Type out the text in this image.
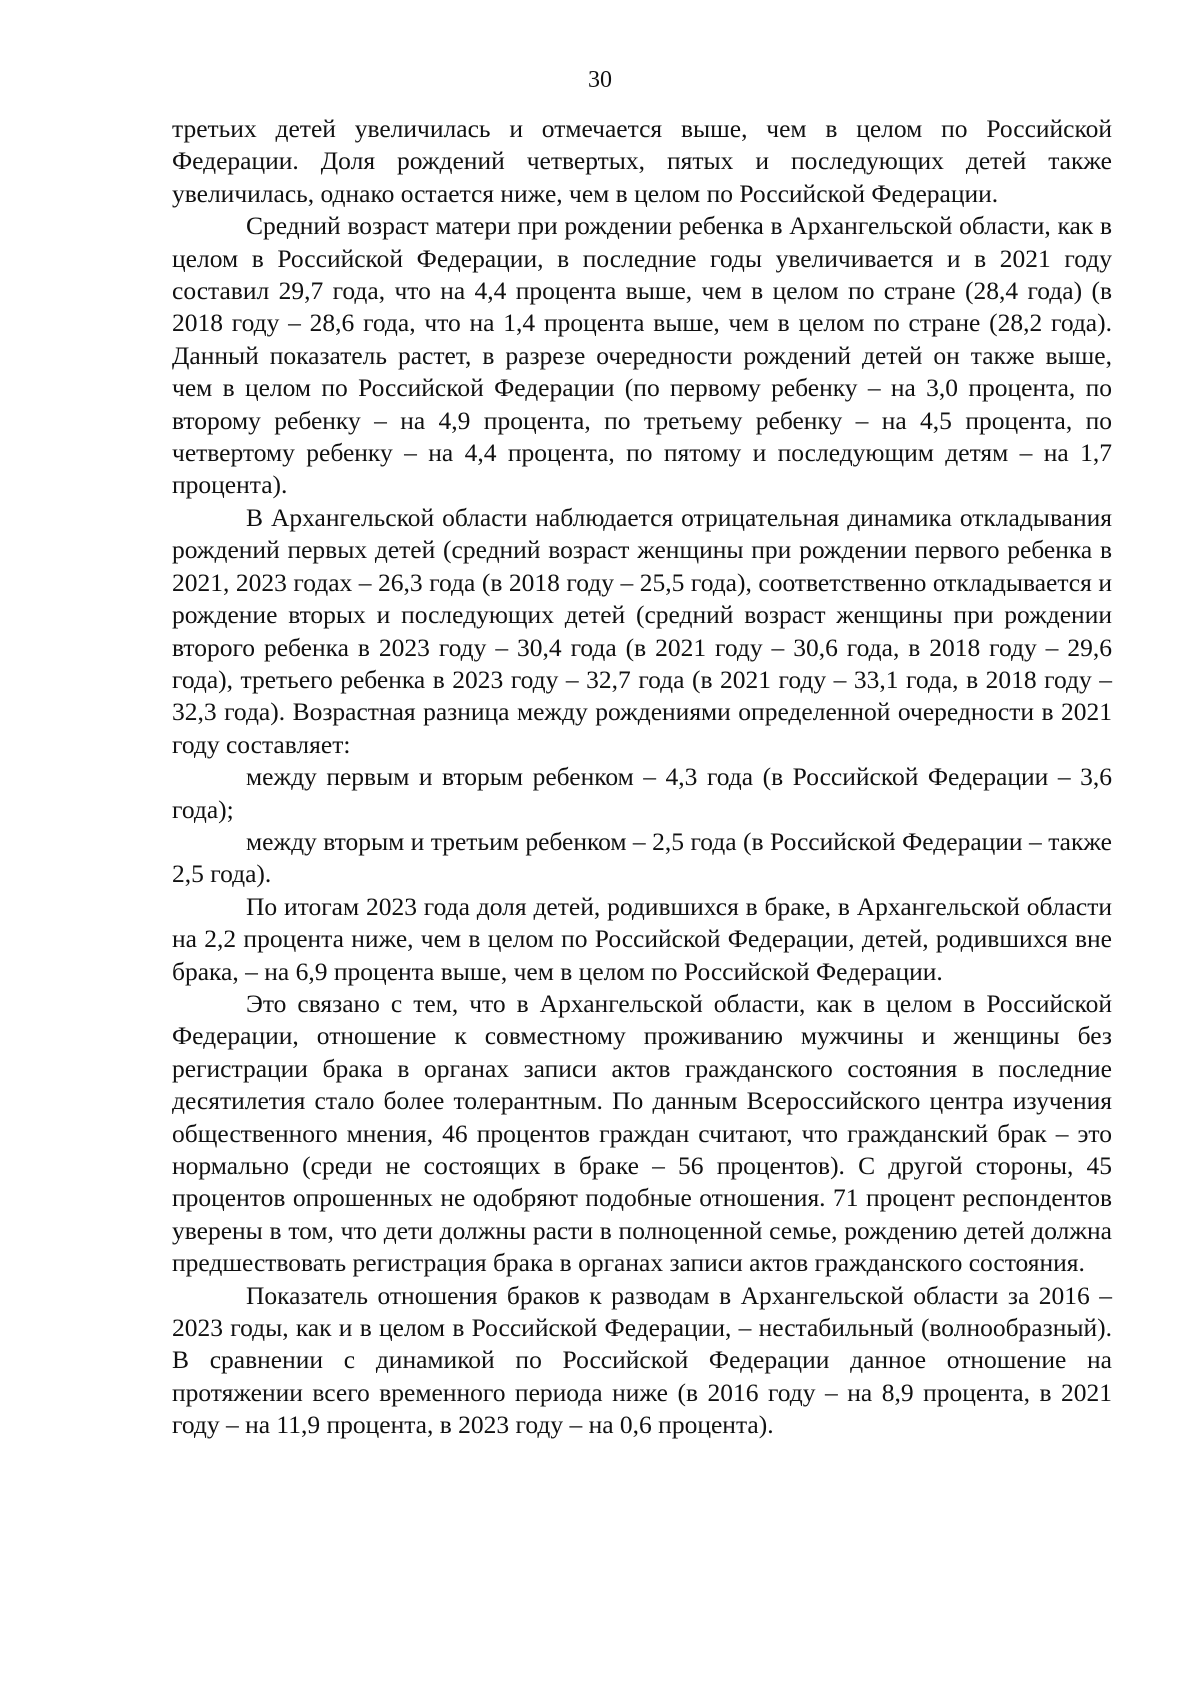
30

третьих детей увеличилась и отмечается выше, чем в целом по Российской Федерации. Доля рождений четвертых, пятых и последующих детей также увеличилась, однако остается ниже, чем в целом по Российской Федерации.

Средний возраст матери при рождении ребенка в Архангельской области, как в целом в Российской Федерации, в последние годы увеличивается и в 2021 году составил 29,7 года, что на 4,4 процента выше, чем в целом по стране (28,4 года) (в 2018 году – 28,6 года, что на 1,4 процента выше, чем в целом по стране (28,2 года). Данный показатель растет, в разрезе очередности рождений детей он также выше, чем в целом по Российской Федерации (по первому ребенку – на 3,0 процента, по второму ребенку – на 4,9 процента, по третьему ребенку – на 4,5 процента, по четвертому ребенку – на 4,4 процента, по пятому и последующим детям – на 1,7 процента).

В Архангельской области наблюдается отрицательная динамика откладывания рождений первых детей (средний возраст женщины при рождении первого ребенка в 2021, 2023 годах – 26,3 года (в 2018 году – 25,5 года), соответственно откладывается и рождение вторых и последующих детей (средний возраст женщины при рождении второго ребенка в 2023 году – 30,4 года (в 2021 году – 30,6 года, в 2018 году – 29,6 года), третьего ребенка в 2023 году – 32,7 года (в 2021 году – 33,1 года, в 2018 году – 32,3 года). Возрастная разница между рождениями определенной очередности в 2021 году составляет:

между первым и вторым ребенком – 4,3 года (в Российской Федерации – 3,6 года);

между вторым и третьим ребенком – 2,5 года (в Российской Федерации – также 2,5 года).

По итогам 2023 года доля детей, родившихся в браке, в Архангельской области на 2,2 процента ниже, чем в целом по Российской Федерации, детей, родившихся вне брака, – на 6,9 процента выше, чем в целом по Российской Федерации.

Это связано с тем, что в Архангельской области, как в целом в Российской Федерации, отношение к совместному проживанию мужчины и женщины без регистрации брака в органах записи актов гражданского состояния в последние десятилетия стало более толерантным. По данным Всероссийского центра изучения общественного мнения, 46 процентов граждан считают, что гражданский брак – это нормально (среди не состоящих в браке – 56 процентов). С другой стороны, 45 процентов опрошенных не одобряют подобные отношения. 71 процент респондентов уверены в том, что дети должны расти в полноценной семье, рождению детей должна предшествовать регистрация брака в органах записи актов гражданского состояния.

Показатель отношения браков к разводам в Архангельской области за 2016 – 2023 годы, как и в целом в Российской Федерации, – нестабильный (волнообразный). В сравнении с динамикой по Российской Федерации данное отношение на протяжении всего временного периода ниже (в 2016 году – на 8,9 процента, в 2021 году – на 11,9 процента, в 2023 году – на 0,6 процента).
